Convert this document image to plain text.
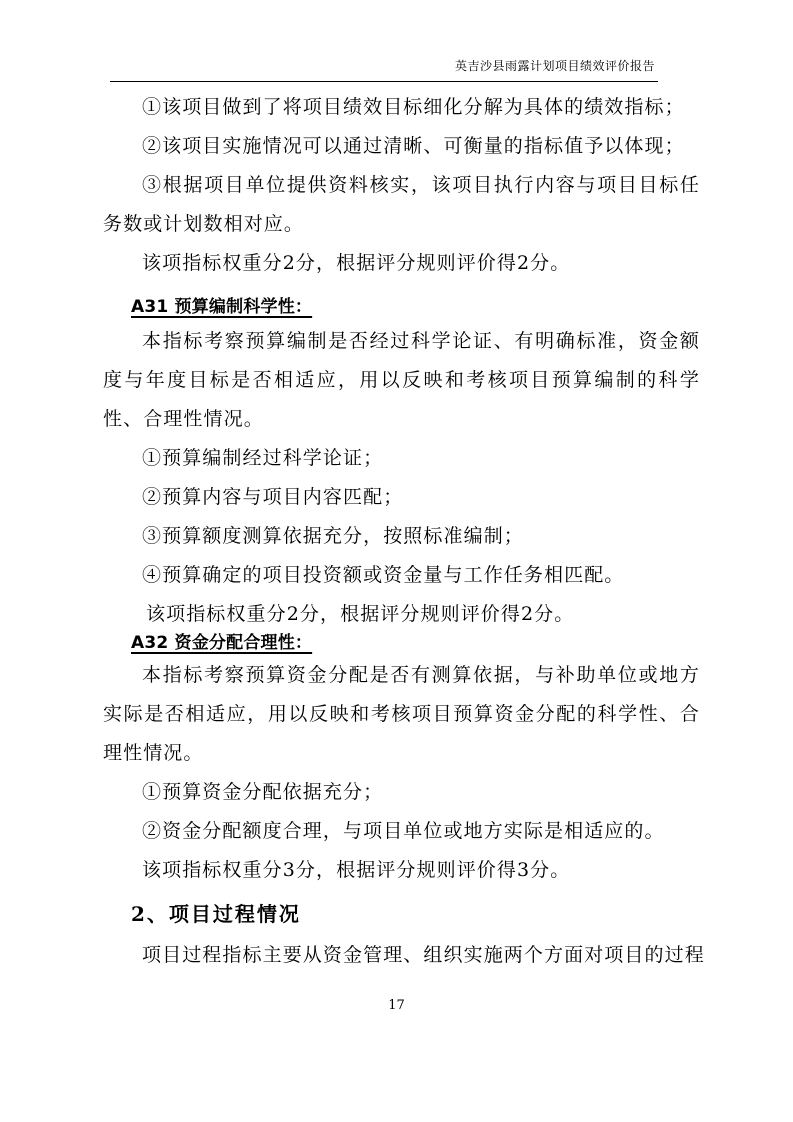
英吉沙县雨露计划项目绩效评价报告
①该项目做到了将项目绩效目标细化分解为具体的绩效指标；
②该项目实施情况可以通过清晰、可衡量的指标值予以体现；
③根据项目单位提供资料核实，该项目执行内容与项目目标任务数或计划数相对应。
该项指标权重分2分，根据评分规则评价得2分。
A31 预算编制科学性：
本指标考察预算编制是否经过科学论证、有明确标准，资金额度与年度目标是否相适应，用以反映和考核项目预算编制的科学性、合理性情况。
①预算编制经过科学论证；
②预算内容与项目内容匹配；
③预算额度测算依据充分，按照标准编制；
④预算确定的项目投资额或资金量与工作任务相匹配。
该项指标权重分2分，根据评分规则评价得2分。
A32 资金分配合理性：
本指标考察预算资金分配是否有测算依据，与补助单位或地方实际是否相适应，用以反映和考核项目预算资金分配的科学性、合理性情况。
①预算资金分配依据充分；
②资金分配额度合理，与项目单位或地方实际是相适应的。
该项指标权重分3分，根据评分规则评价得3分。
2、项目过程情况
项目过程指标主要从资金管理、组织实施两个方面对项目的过程
17
